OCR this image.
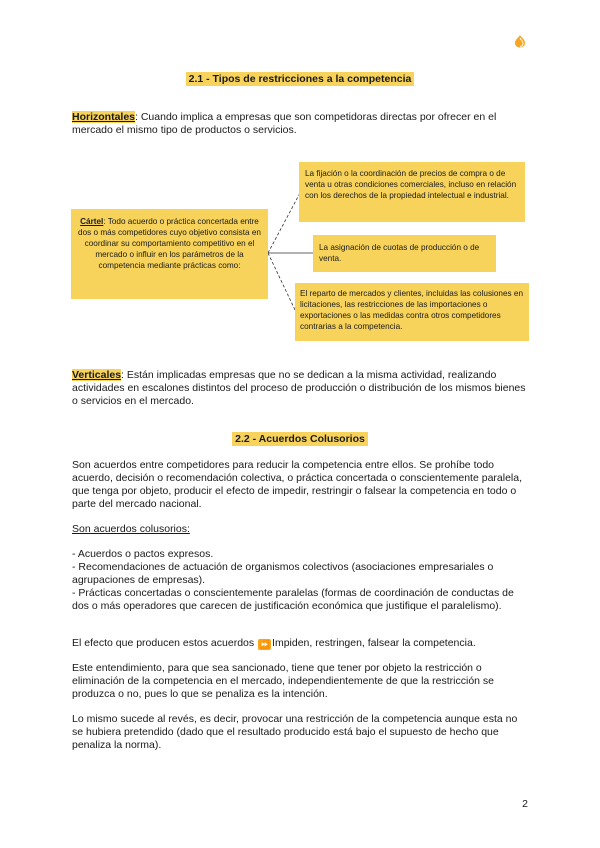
2.1 - Tipos de restricciones a la competencia
Horizontales: Cuando implica a empresas que son competidoras directas por ofrecer en el mercado el mismo tipo de productos o servicios.
Cártel: Todo acuerdo o práctica concertada entre dos o más competidores cuyo objetivo consista en coordinar su comportamiento competitivo en el mercado o influir en los parámetros de la competencia mediante prácticas como:
La fijación o la coordinación de precios de compra o de venta u otras condiciones comerciales, incluso en relación con los derechos de la propiedad intelectual e industrial.
La asignación de cuotas de producción o de venta.
El reparto de mercados y clientes, incluidas las colusiones en licitaciones, las restricciones de las importaciones o exportaciones o las medidas contra otros competidores contrarias a la competencia.
Verticales: Están implicadas empresas que no se dedican a la misma actividad, realizando actividades en escalones distintos del proceso de producción o distribución de los mismos bienes o servicios en el mercado.
2.2 - Acuerdos Colusorios
Son acuerdos entre competidores para reducir la competencia entre ellos. Se prohíbe todo acuerdo, decisión o recomendación colectiva, o práctica concertada o conscientemente paralela, que tenga por objeto, producir el efecto de impedir, restringir o falsear la competencia en todo o parte del mercado nacional.
Son acuerdos colusorios:
- Acuerdos o pactos expresos.
- Recomendaciones de actuación de organismos colectivos (asociaciones empresariales o agrupaciones de empresas).
- Prácticas concertadas o conscientemente paralelas (formas de coordinación de conductas de dos o más operadores que carecen de justificación económica que justifique el paralelismo).
El efecto que producen estos acuerdos ⏩ Impiden, restringen, falsear la competencia.
Este entendimiento, para que sea sancionado, tiene que tener por objeto la restricción o eliminación de la competencia en el mercado, independientemente de que la restricción se produzca o no, pues lo que se penaliza es la intención.
Lo mismo sucede al revés, es decir, provocar una restricción de la competencia aunque esta no se hubiera pretendido (dado que el resultado producido está bajo el supuesto de hecho que penaliza la norma).
2
